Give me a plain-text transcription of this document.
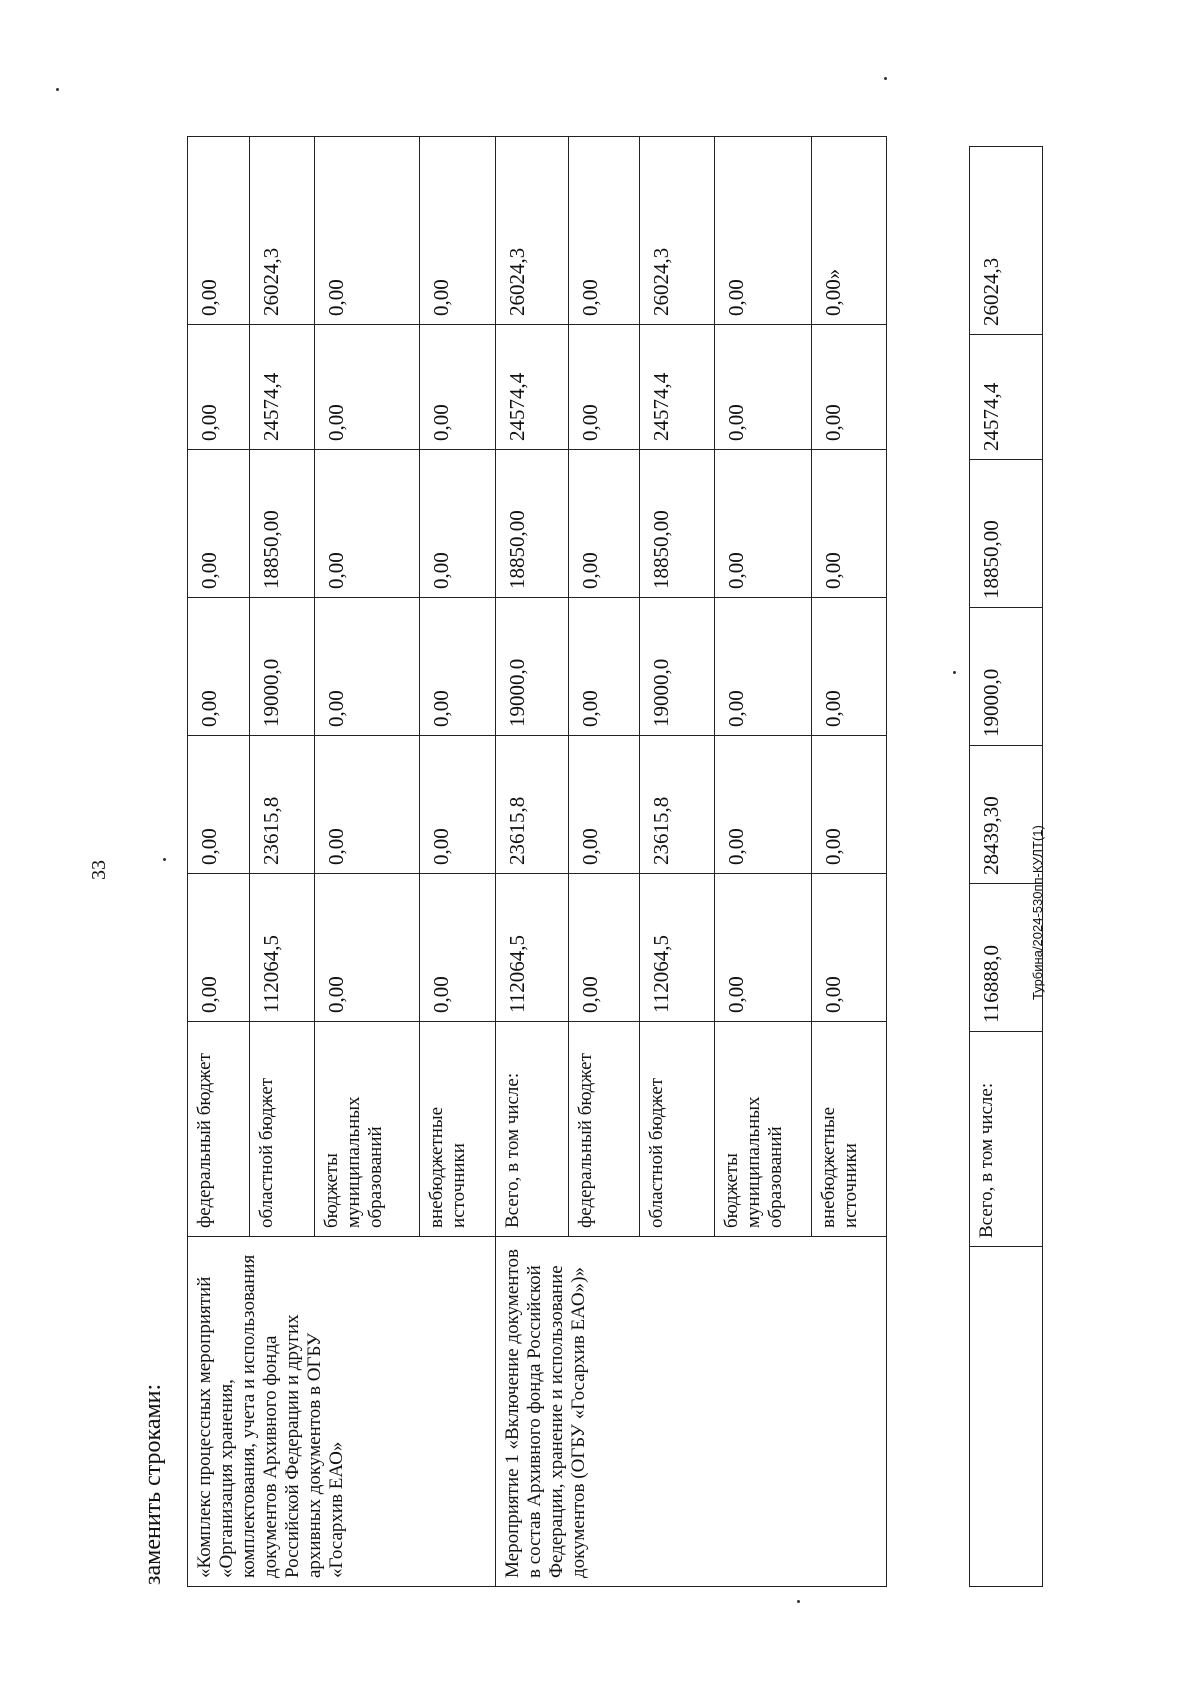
33
«Комплекс процессных мероприятий «Организация хранения, комплектования, учета и использования документов Архивного фонда Российской Федерации и других архивных документов в ОГБУ «Госархив ЕАО»	федеральный бюджет	0,00	0,00	0,00	0,00	0,00	0,00
	областной бюджет	112064,5	23615,8	19000,0	18850,00	24574,4	26024,3
	бюджеты муниципальных образований	0,00	0,00	0,00	0,00	0,00	0,00
	внебюджетные источники	0,00	0,00	0,00	0,00	0,00	0,00
Мероприятие 1 «Включение документов в состав Архивного фонда Российской Федерации, хранение и использование документов (ОГБУ «Госархив ЕАО»)»	Всего, в том числе:	112064,5	23615,8	19000,0	18850,00	24574,4	26024,3
	федеральный бюджет	0,00	0,00	0,00	0,00	0,00	0,00
	областной бюджет	112064,5	23615,8	19000,0	18850,00	24574,4	26024,3
	бюджеты муниципальных образований	0,00	0,00	0,00	0,00	0,00	0,00
	внебюджетные источники	0,00	0,00	0,00	0,00	0,00	0,00»
заменить строками:
	Всего, в том числе:	116888,0	28439,30	19000,0	18850,00	24574,4	26024,3
Турбина/2024-530пп-КУЛТ(1)
